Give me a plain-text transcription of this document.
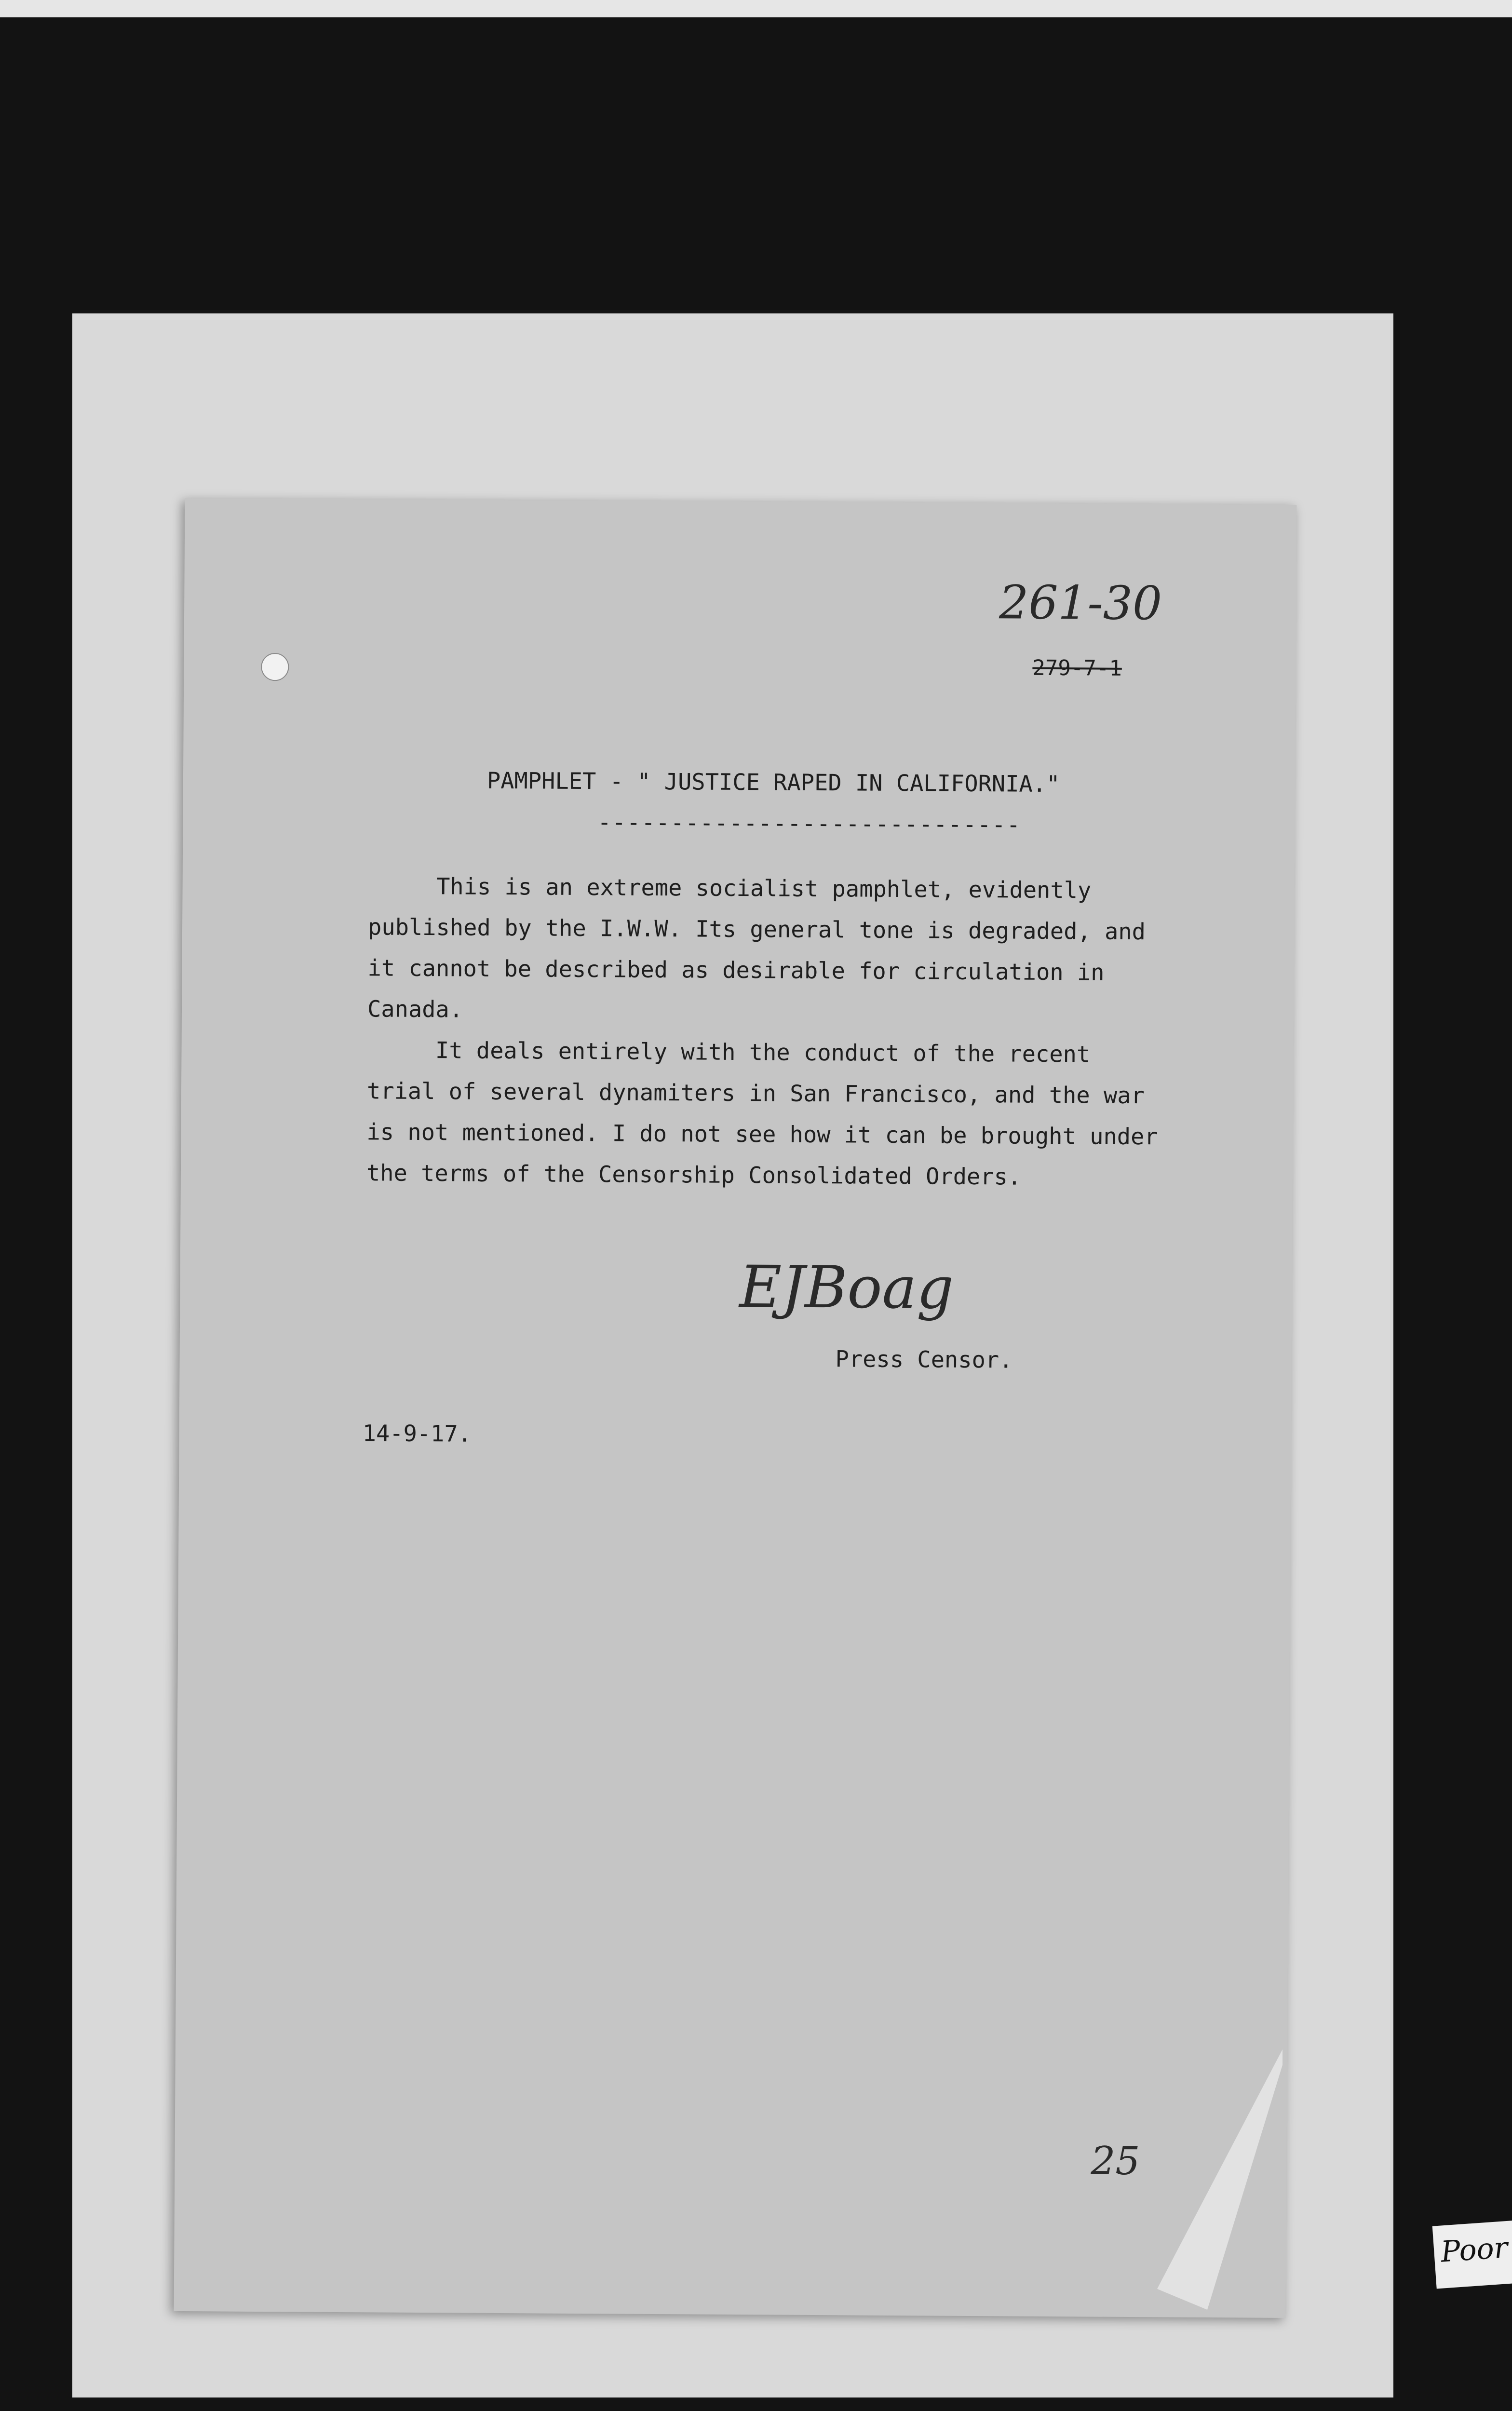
261-30
279-7-1
PAMPHLET - " JUSTICE RAPED IN CALIFORNIA."
-----------------------------
This is an extreme socialist pamphlet, evidently
published by the I.W.W. Its general tone is degraded, and
it cannot be described as desirable for circulation in
Canada.
It deals entirely with the conduct of the recent
trial of several dynamiters in San Francisco, and the war
is not mentioned. I do not see how it can be brought under
the terms of the Censorship Consolidated Orders.
EJBoag
Press Censor.
14-9-17.
25
Poor
